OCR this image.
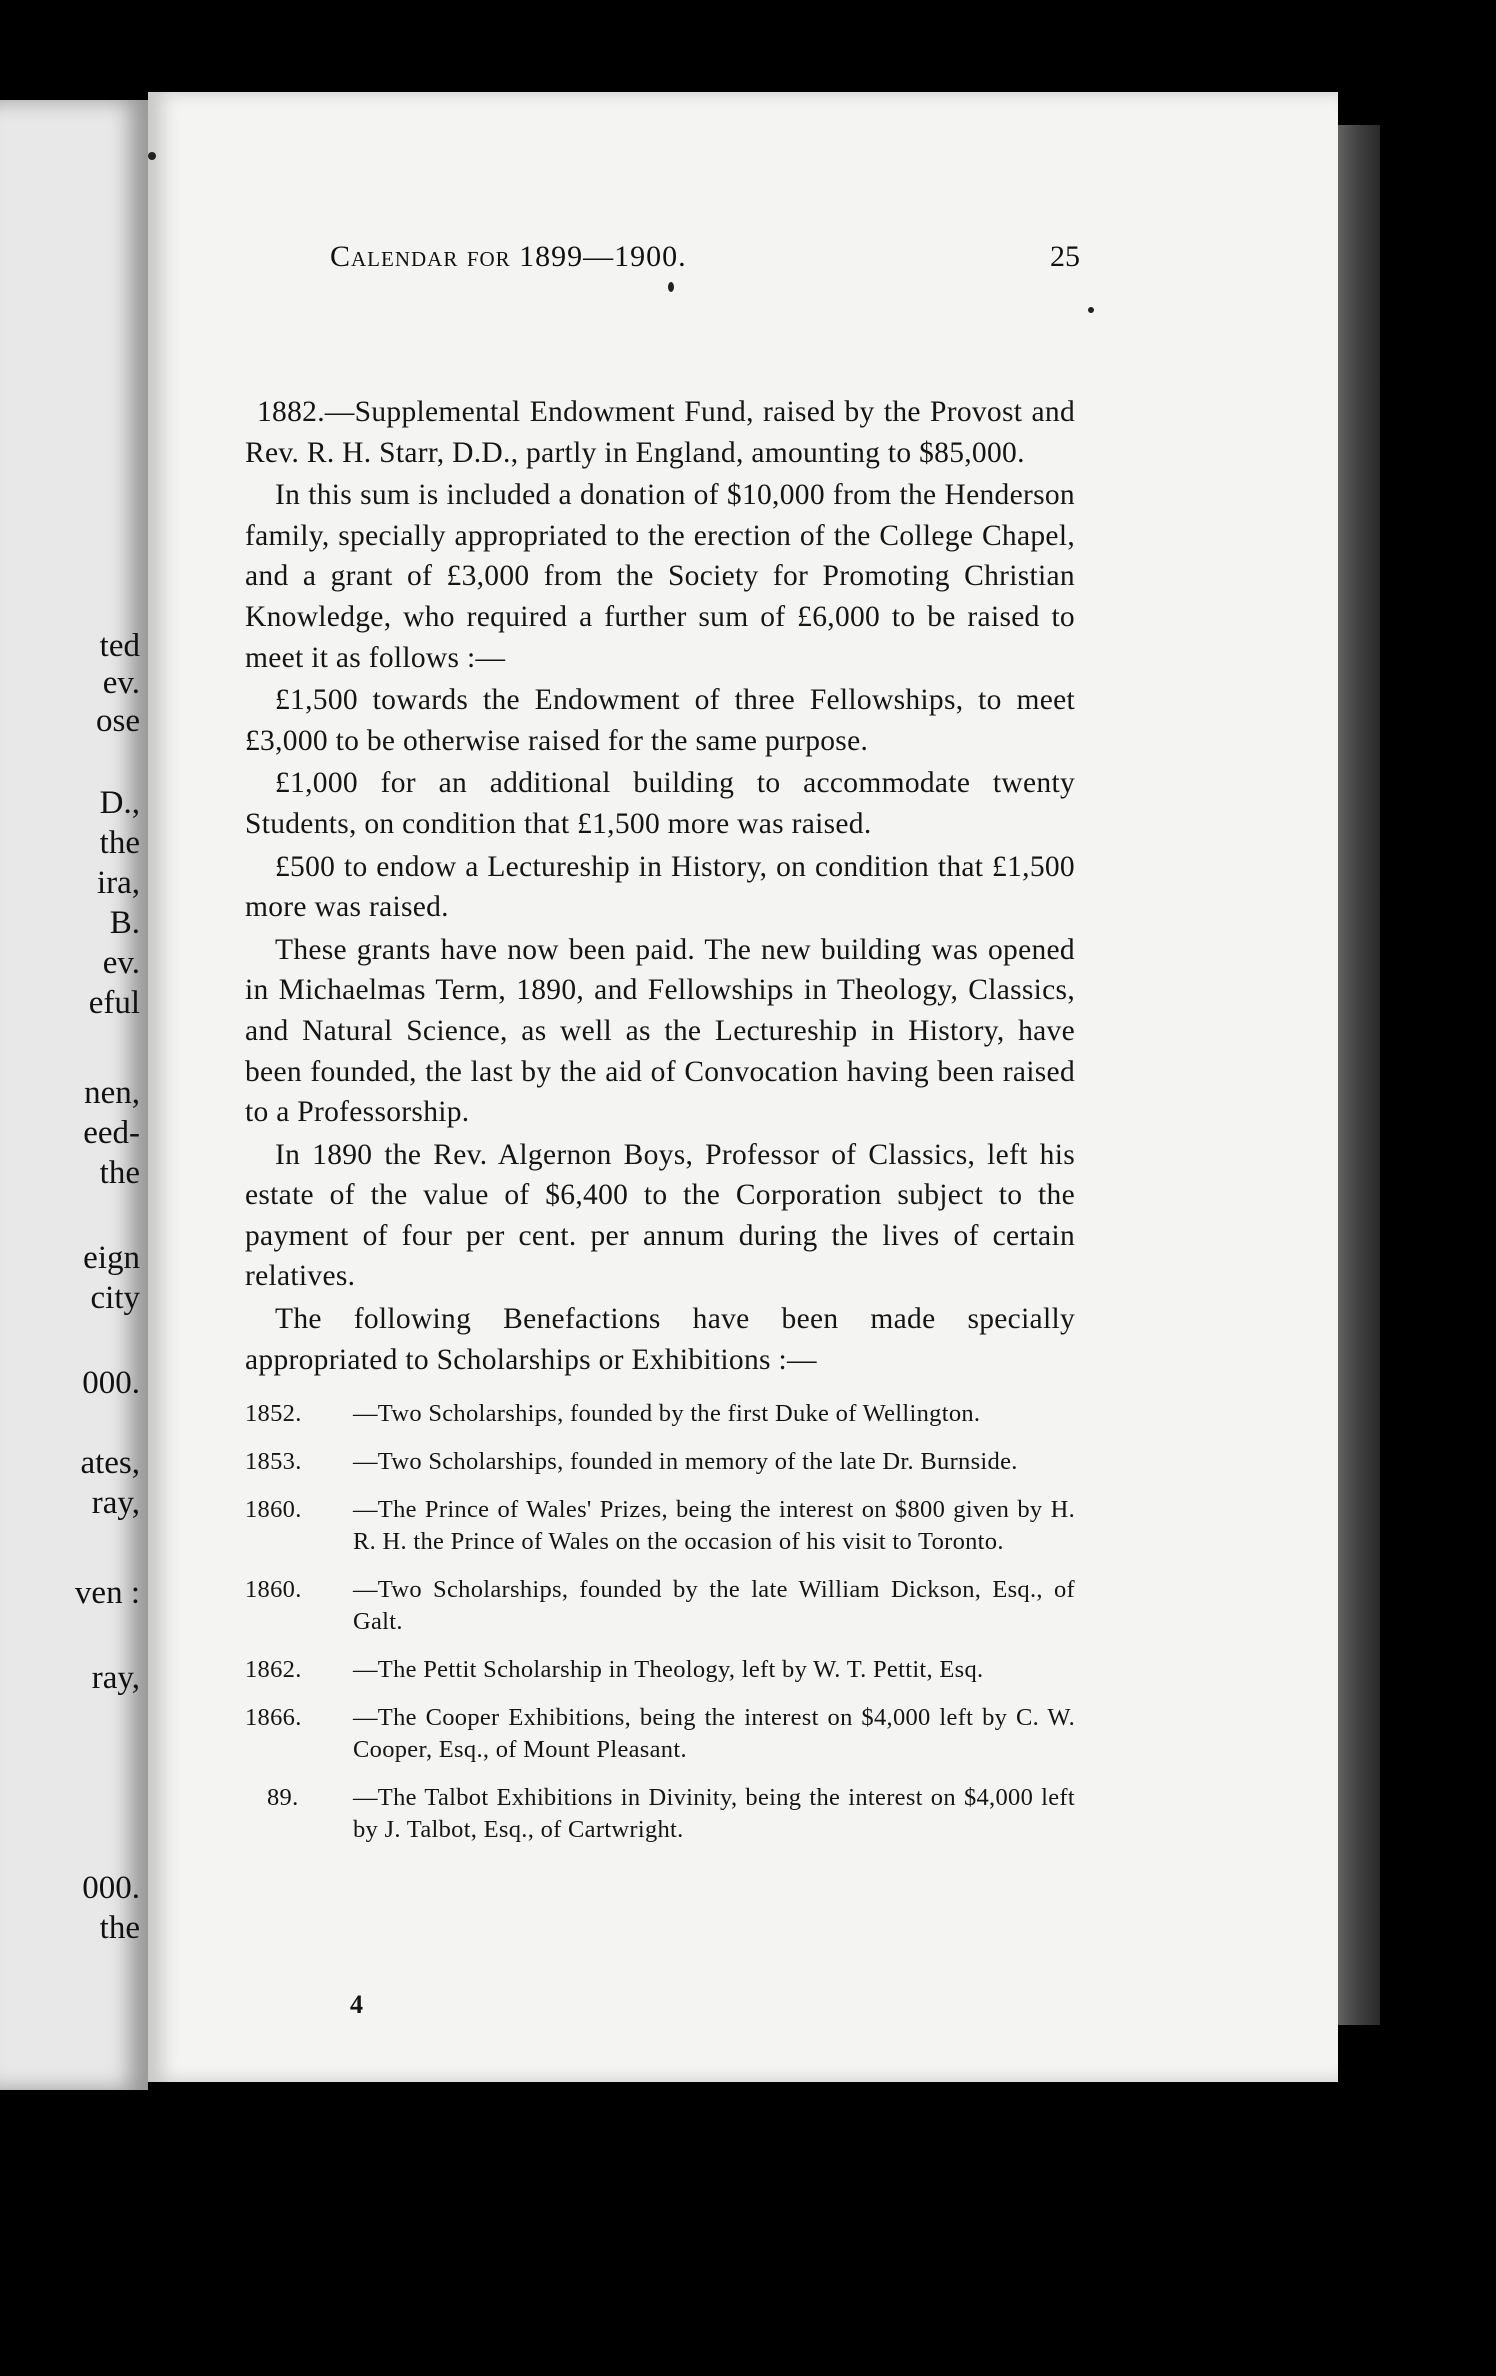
ted
ev.
ose
D.,
the
ira,
B.
ev.
eful
nen,
eed-
the
eign
city
000.
ates,
ray,
ven :
ray,
000.
the
Calendar for 1899—1900.	25

1882.—Supplemental Endowment Fund, raised by the Provost and Rev. R. H. Starr, D.D., partly in England, amounting to $85,000.

In this sum is included a donation of $10,000 from the Henderson family, specially appropriated to the erection of the College Chapel, and a grant of £3,000 from the Society for Promoting Christian Knowledge, who required a further sum of £6,000 to be raised to meet it as follows :—

£1,500 towards the Endowment of three Fellowships, to meet £3,000 to be otherwise raised for the same purpose.

£1,000 for an additional building to accommodate twenty Students, on condition that £1,500 more was raised.

£500 to endow a Lectureship in History, on condition that £1,500 more was raised.

These grants have now been paid. The new building was opened in Michaelmas Term, 1890, and Fellowships in Theology, Classics, and Natural Science, as well as the Lectureship in History, have been founded, the last by the aid of Convocation having been raised to a Professorship.

In 1890 the Rev. Algernon Boys, Professor of Classics, left his estate of the value of $6,400 to the Corporation subject to the payment of four per cent. per annum during the lives of certain relatives.

The following Benefactions have been made specially appropriated to Scholarships or Exhibitions :—

1852. —Two Scholarships, founded by the first Duke of Wellington.
1853. —Two Scholarships, founded in memory of the late Dr. Burnside.
1860. —The Prince of Wales' Prizes, being the interest on $800 given by H. R. H. the Prince of Wales on the occasion of his visit to Toronto.
1860. —Two Scholarships, founded by the late William Dickson, Esq., of Galt.
1862. —The Pettit Scholarship in Theology, left by W. T. Pettit, Esq.
1866. —The Cooper Exhibitions, being the interest on $4,000 left by C. W. Cooper, Esq., of Mount Pleasant.
89. —The Talbot Exhibitions in Divinity, being the interest on $4,000 left by J. Talbot, Esq., of Cartwright.
4
